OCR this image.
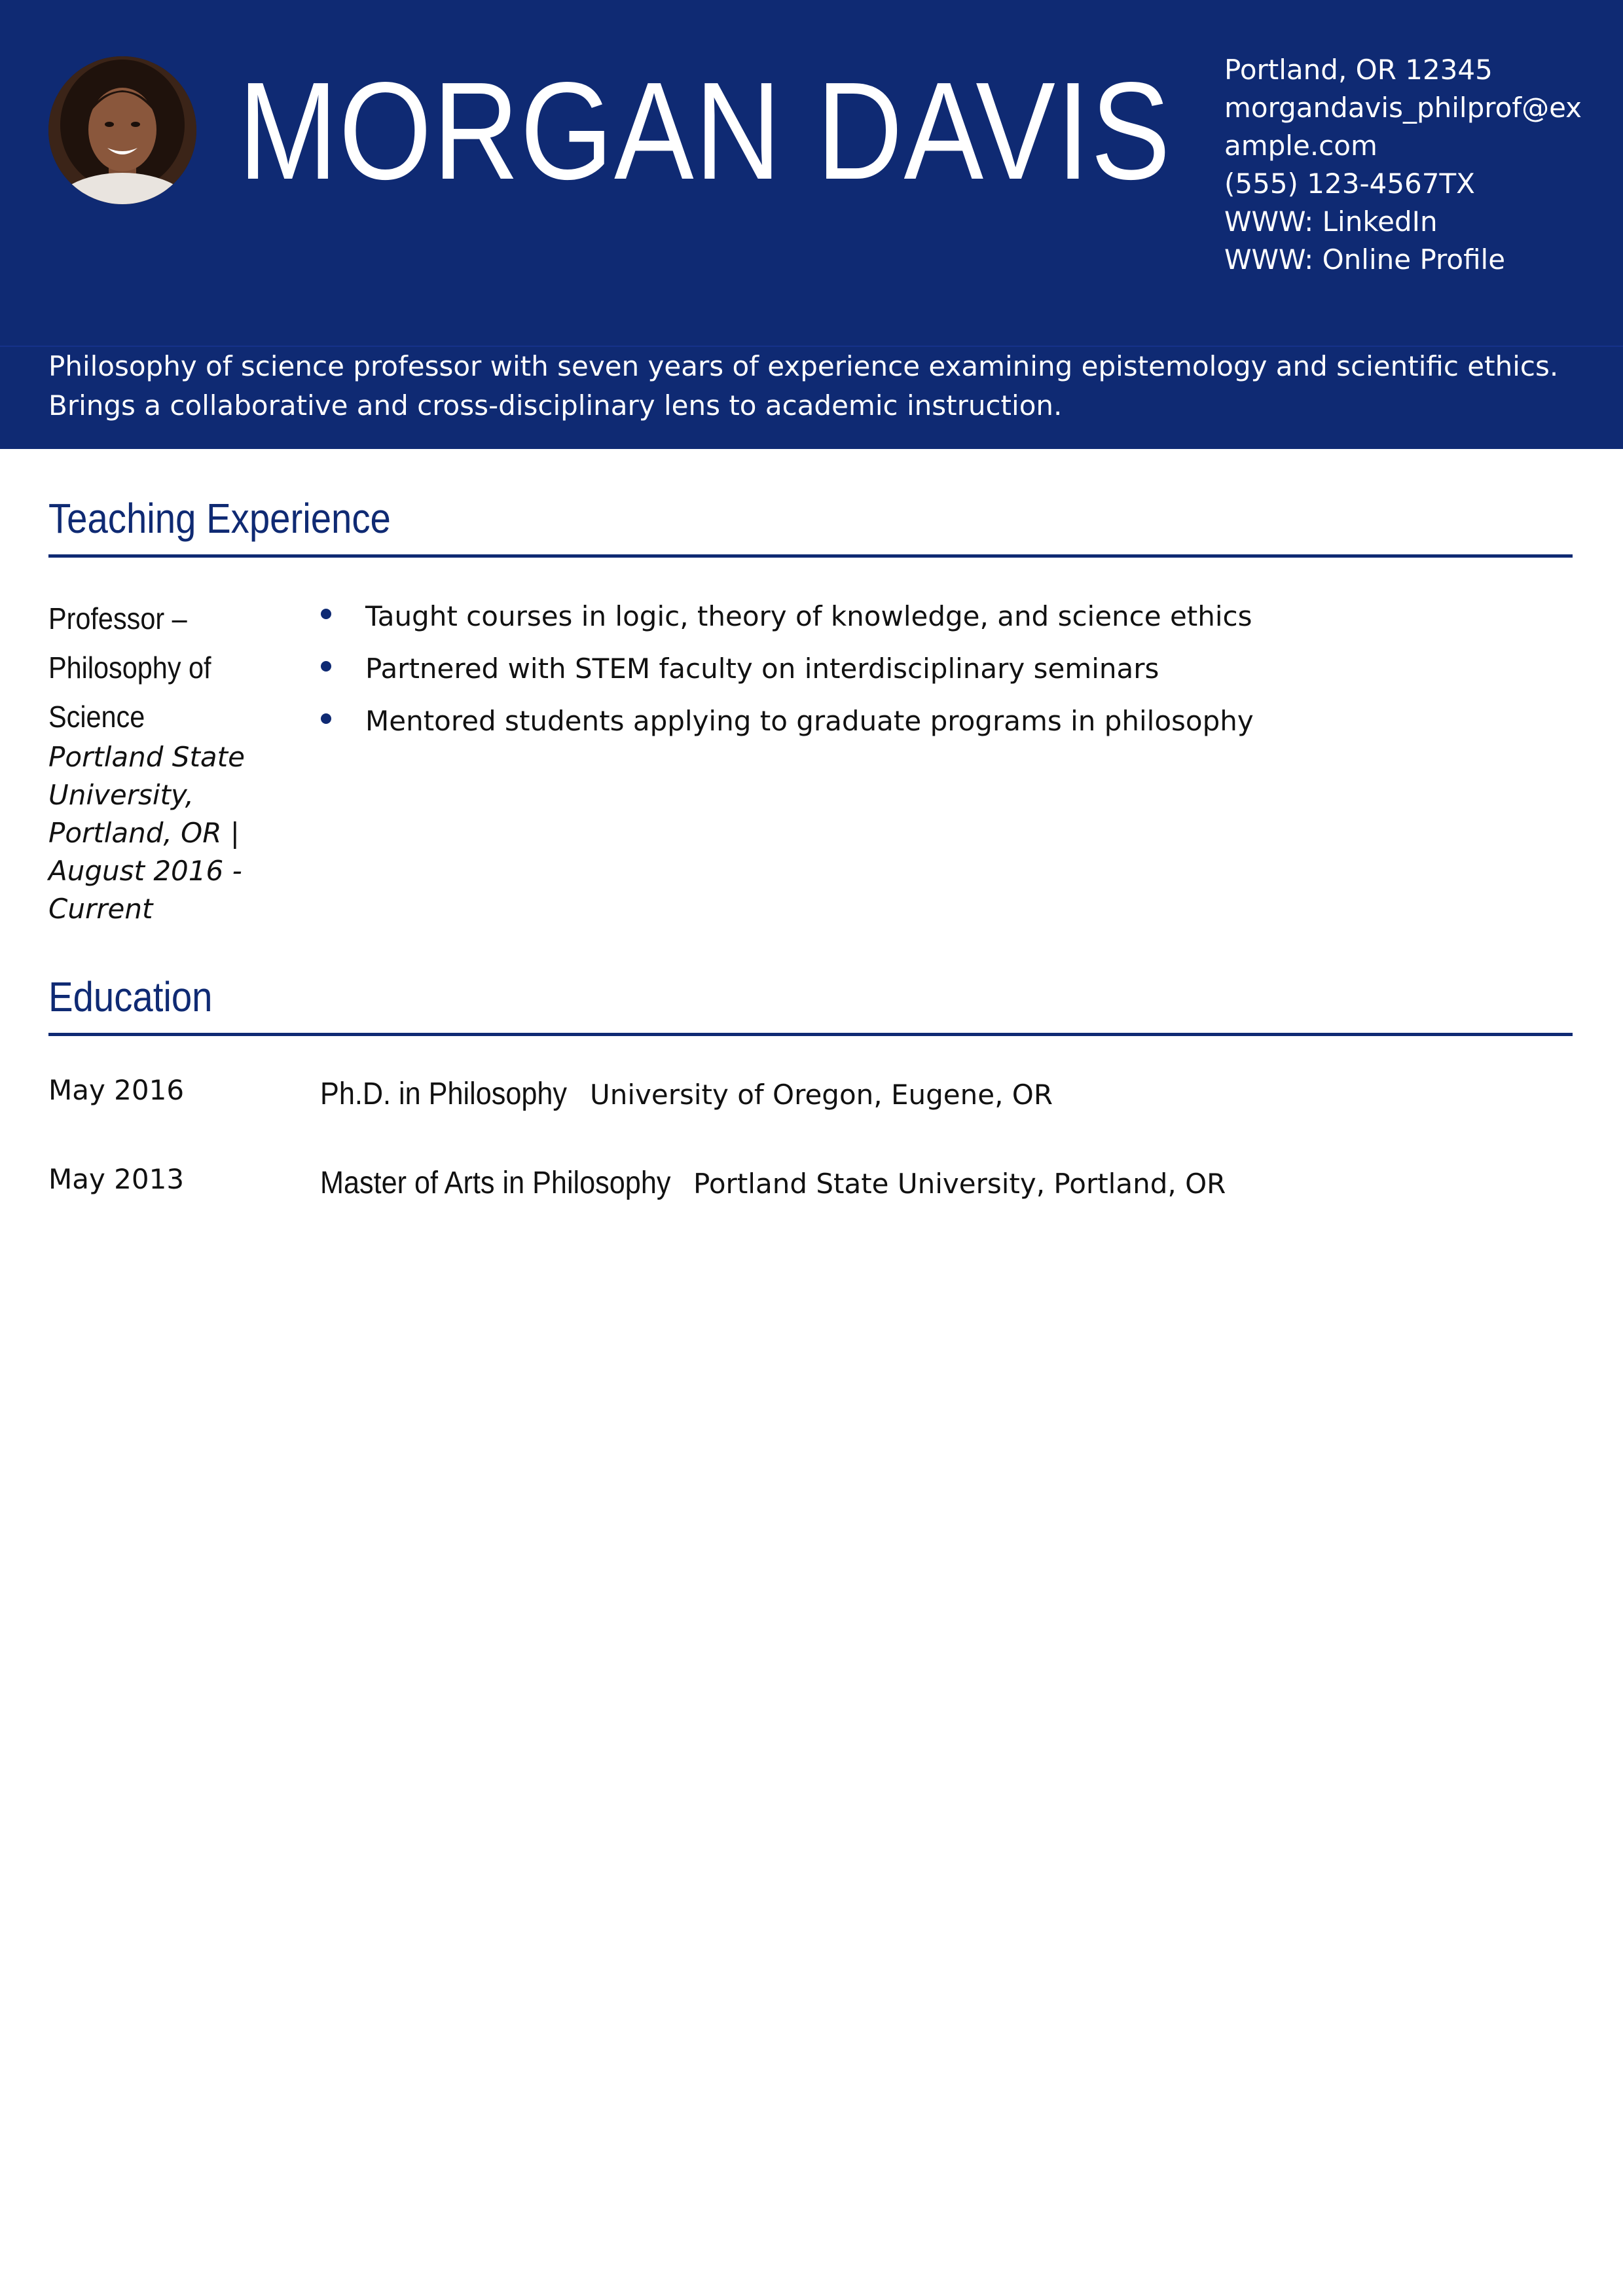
MORGAN DAVIS Portland, OR 12345
morgandavis_philprof@example.com
(555) 123-4567TX
WWW: LinkedIn
WWW: Online Profile

Philosophy of science professor with seven years of experience examining epistemology and scientific ethics. Brings a collaborative and cross-disciplinary lens to academic instruction.

Teaching Experience

Professor – Philosophy of Science

Portland State University, Portland, OR | August 2016 - Current

Taught courses in logic, theory of knowledge, and science ethics
Partnered with STEM faculty on interdisciplinary seminars
Mentored students applying to graduate programs in philosophy
Education
May 2016	Ph.D. in Philosophy University of Oregon, Eugene, OR
May 2013	Master of Arts in Philosophy Portland State University, Portland, OR
